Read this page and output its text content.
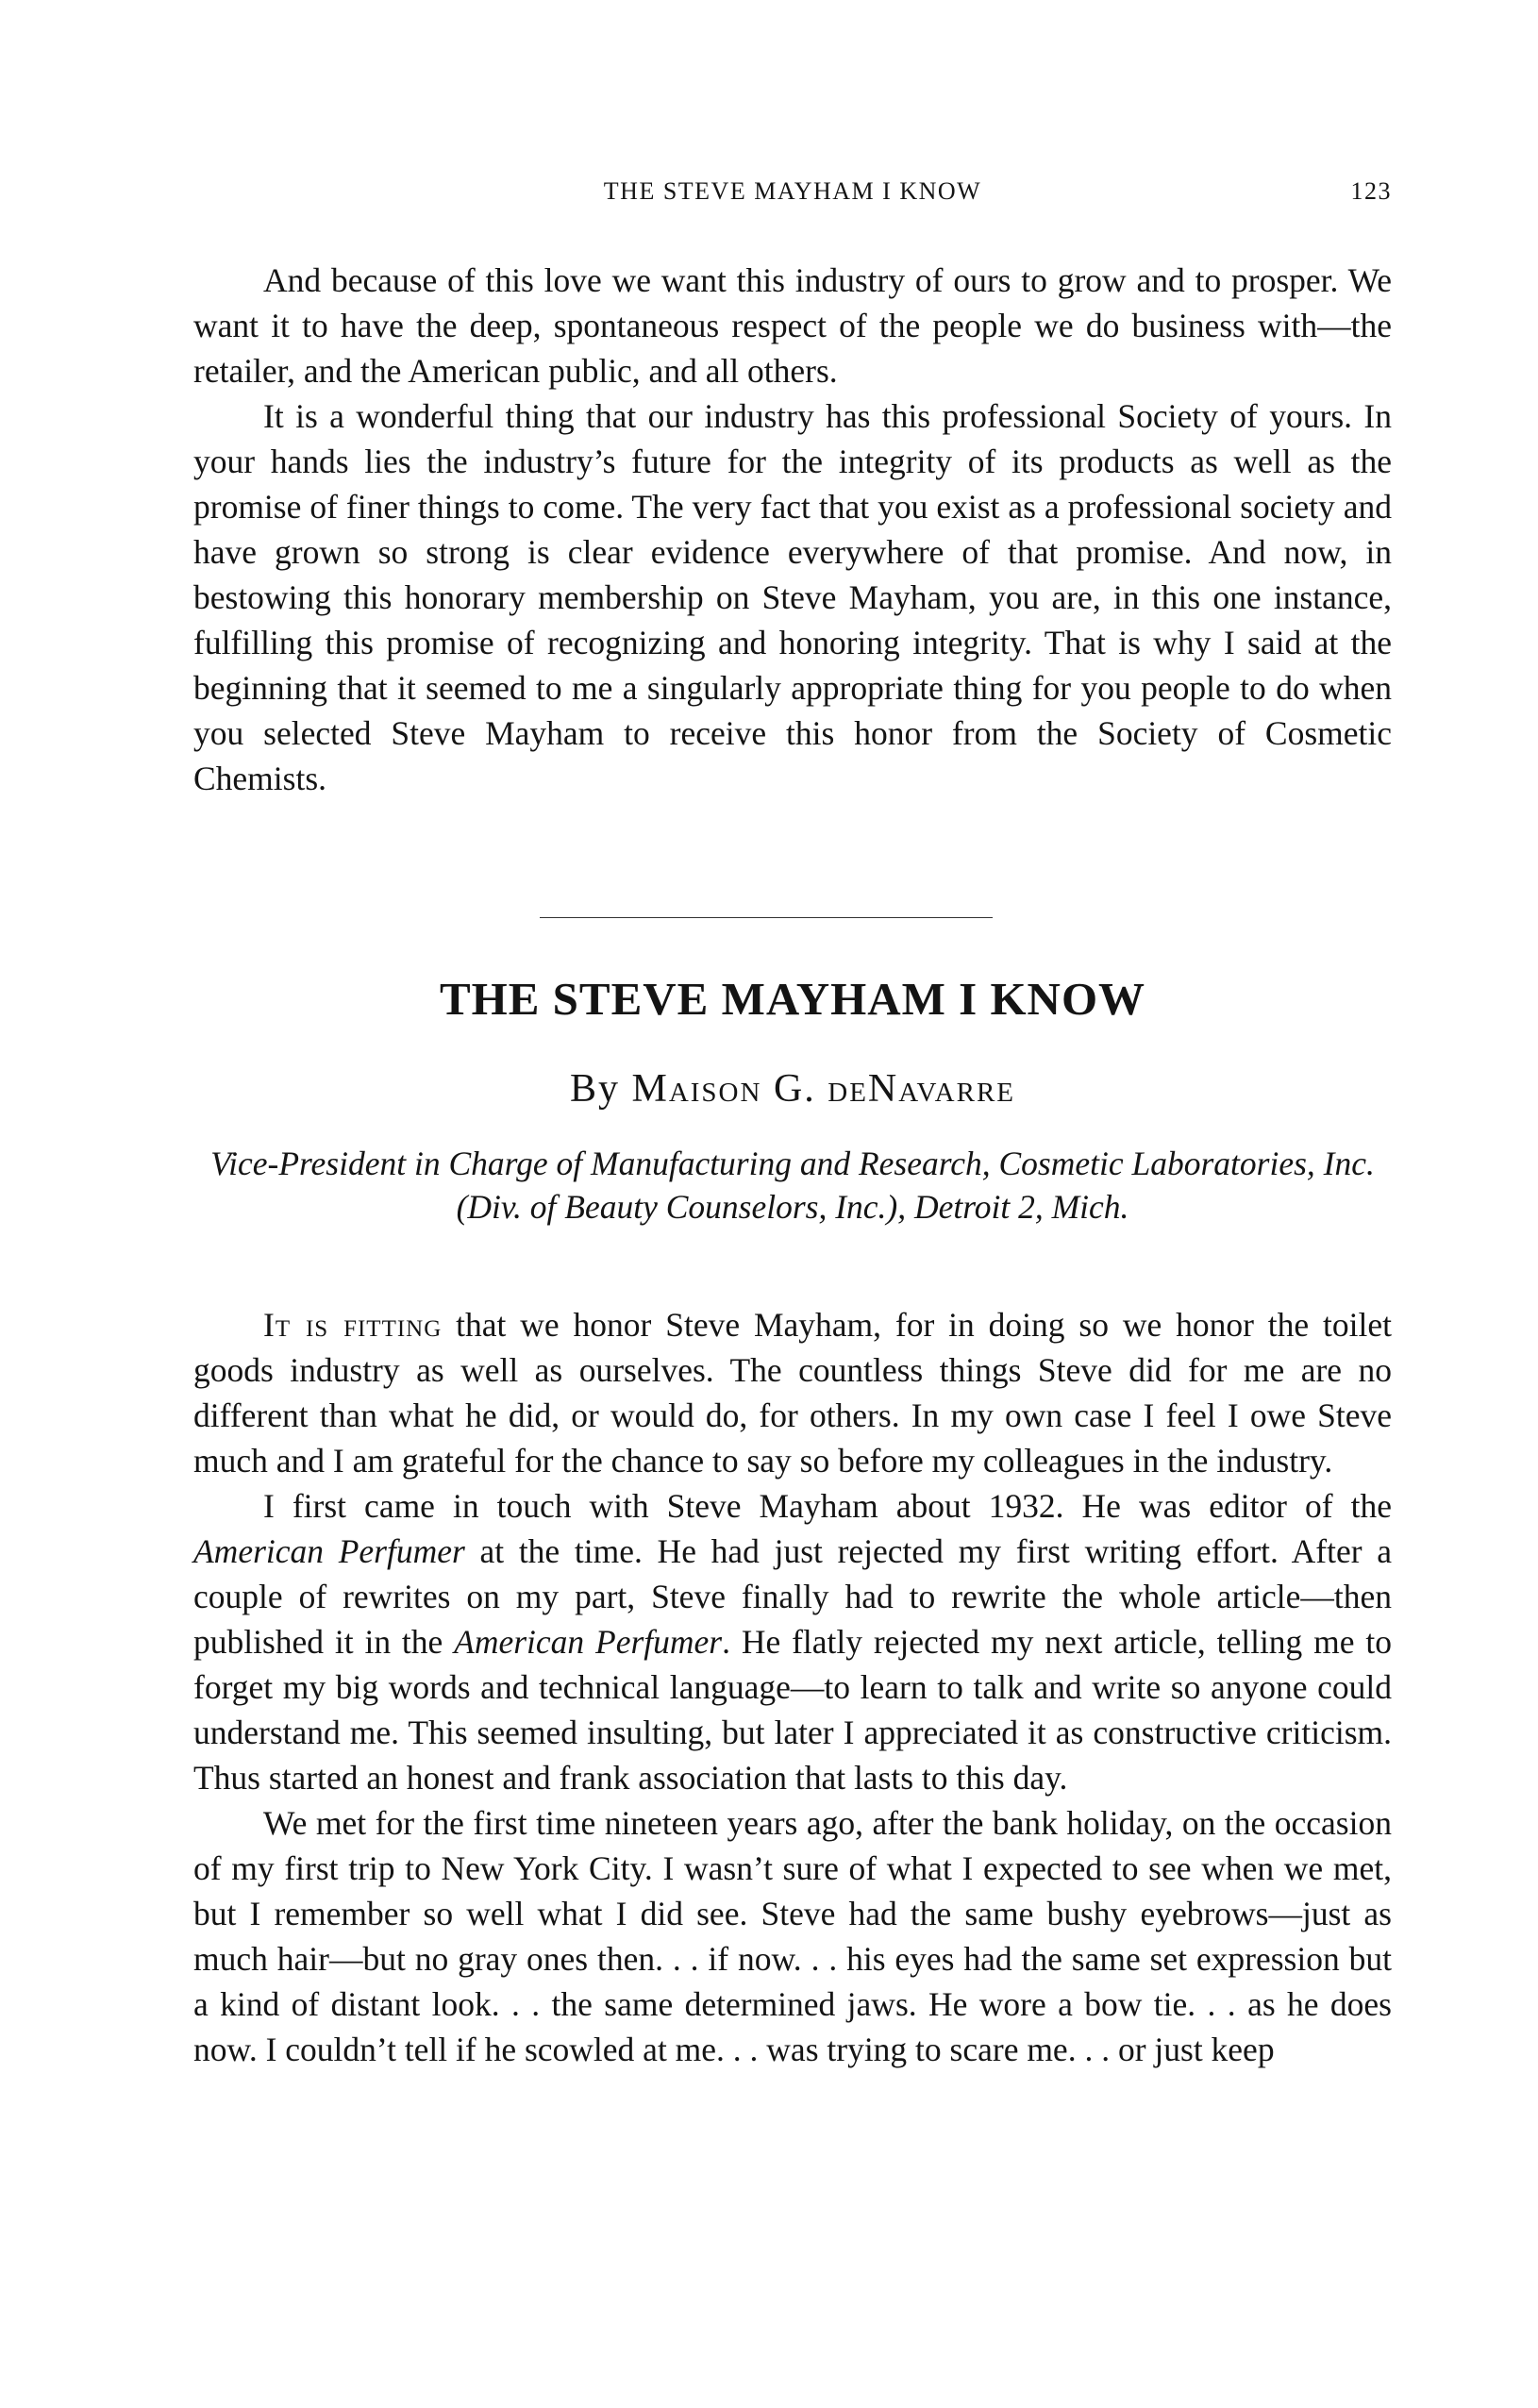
THE STEVE MAYHAM I KNOW	123

And because of this love we want this industry of ours to grow and to prosper. We want it to have the deep, spontaneous respect of the people we do business with—the retailer, and the American public, and all others.

It is a wonderful thing that our industry has this professional Society of yours. In your hands lies the industry’s future for the integrity of its products as well as the promise of finer things to come. The very fact that you exist as a professional society and have grown so strong is clear evidence everywhere of that promise. And now, in bestowing this honorary membership on Steve Mayham, you are, in this one instance, fulfilling this promise of recognizing and honoring integrity. That is why I said at the beginning that it seemed to me a singularly appropriate thing for you people to do when you selected Steve Mayham to receive this honor from the Society of Cosmetic Chemists.

THE STEVE MAYHAM I KNOW
By Maison G. deNavarre
Vice-President in Charge of Manufacturing and Research, Cosmetic Laboratories, Inc. (Div. of Beauty Counselors, Inc.), Detroit 2, Mich.

It is fitting that we honor Steve Mayham, for in doing so we honor the toilet goods industry as well as ourselves. The countless things Steve did for me are no different than what he did, or would do, for others. In my own case I feel I owe Steve much and I am grateful for the chance to say so before my colleagues in the industry.

I first came in touch with Steve Mayham about 1932. He was editor of the American Perfumer at the time. He had just rejected my first writing effort. After a couple of rewrites on my part, Steve finally had to rewrite the whole article—then published it in the American Perfumer. He flatly rejected my next article, telling me to forget my big words and technical language—to learn to talk and write so anyone could understand me. This seemed insulting, but later I appreciated it as constructive criticism. Thus started an honest and frank association that lasts to this day.

We met for the first time nineteen years ago, after the bank holiday, on the occasion of my first trip to New York City. I wasn’t sure of what I expected to see when we met, but I remember so well what I did see. Steve had the same bushy eyebrows—just as much hair—but no gray ones then. . . if now. . . his eyes had the same set expression but a kind of distant look. . . the same determined jaws. He wore a bow tie. . . as he does now. I couldn’t tell if he scowled at me. . . was trying to scare me. . . or just keep
